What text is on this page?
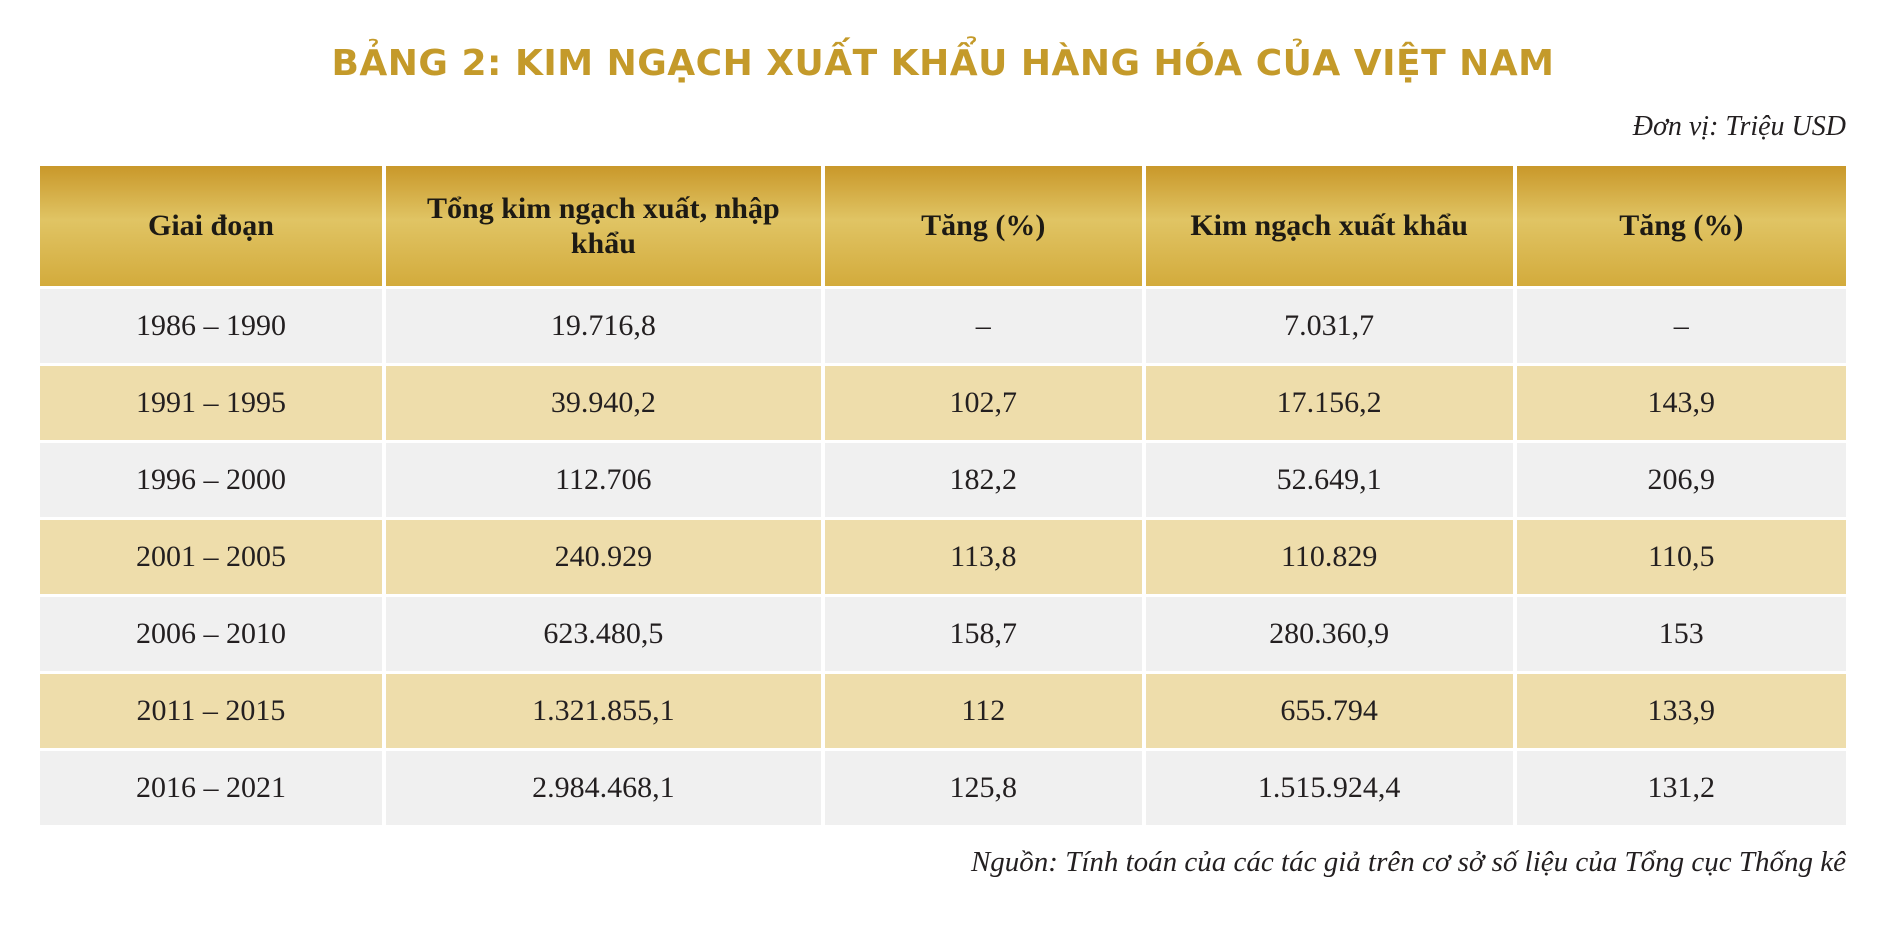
BẢNG 2: KIM NGẠCH XUẤT KHẨU HÀNG HÓA CỦA VIỆT NAM
Đơn vị: Triệu USD
Giai đoạn	Tổng kim ngạch xuất, nhập khẩu	Tăng (%)	Kim ngạch xuất khẩu	Tăng (%)
1986 – 1990	19.716,8	–	7.031,7	–
1991 – 1995	39.940,2	102,7	17.156,2	143,9
1996 – 2000	112.706	182,2	52.649,1	206,9
2001 – 2005	240.929	113,8	110.829	110,5
2006 – 2010	623.480,5	158,7	280.360,9	153
2011 – 2015	1.321.855,1	112	655.794	133,9
2016 – 2021	2.984.468,1	125,8	1.515.924,4	131,2
Nguồn: Tính toán của các tác giả trên cơ sở số liệu của Tổng cục Thống kê
